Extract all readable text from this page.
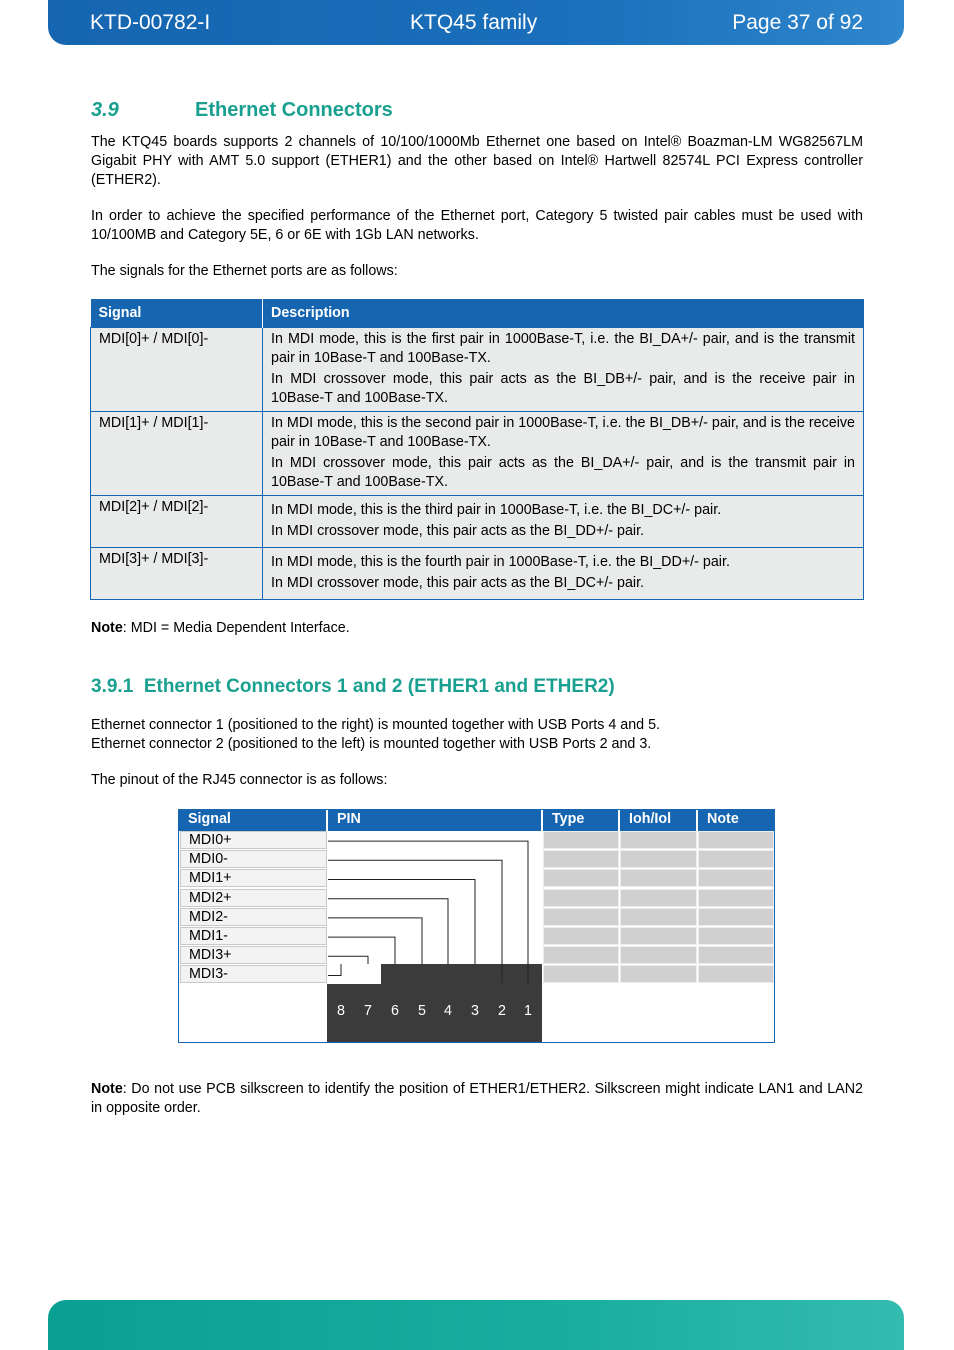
KTD-00782-I	KTQ45 family	Page 37 of 92
3.9	Ethernet Connectors
The KTQ45 boards supports 2 channels of 10/100/1000Mb Ethernet one based on Intel® Boazman-LM WG82567LM Gigabit PHY with AMT 5.0 support (ETHER1) and the other based on Intel® Hartwell 82574L PCI Express controller (ETHER2).
In order to achieve the specified performance of the Ethernet port, Category 5 twisted pair cables must be used with 10/100MB and Category 5E, 6 or 6E with 1Gb LAN networks.
The signals for the Ethernet ports are as follows:
Signal	Description
MDI[0]+ / MDI[0]-	In MDI mode, this is the first pair in 1000Base-T, i.e. the BI_DA+/- pair, and is the transmit pair in 10Base-T and 100Base-TX.

In MDI crossover mode, this pair acts as the BI_DB+/- pair, and is the receive pair in 10Base-T and 100Base-TX.

MDI[1]+ / MDI[1]-	In MDI mode, this is the second pair in 1000Base-T, i.e. the BI_DB+/- pair, and is the receive pair in 10Base-T and 100Base-TX.

In MDI crossover mode, this pair acts as the BI_DA+/- pair, and is the transmit pair in 10Base-T and 100Base-TX.

MDI[2]+ / MDI[2]-	In MDI mode, this is the third pair in 1000Base-T, i.e. the BI_DC+/- pair.

In MDI crossover mode, this pair acts as the BI_DD+/- pair.

MDI[3]+ / MDI[3]-	In MDI mode, this is the fourth pair in 1000Base-T, i.e. the BI_DD+/- pair.

In MDI crossover mode, this pair acts as the BI_DC+/- pair.

Note: MDI = Media Dependent Interface.
3.9.1 Ethernet Connectors 1 and 2 (ETHER1 and ETHER2)

Ethernet connector 1 (positioned to the right) is mounted together with USB Ports 4 and 5.

Ethernet connector 2 (positioned to the left) is mounted together with USB Ports 2 and 3.

The pinout of the RJ45 connector is as follows:
Signal	PIN	Type	Ioh/Iol	Note
MDI0+
MDI0-
MDI1+
MDI2+
MDI2-
MDI1-
MDI3+
MDI3-
8	7	6	5	4	3	2	1
Note: Do not use PCB silkscreen to identify the position of ETHER1/ETHER2. Silkscreen might indicate LAN1 and LAN2 in opposite order.
